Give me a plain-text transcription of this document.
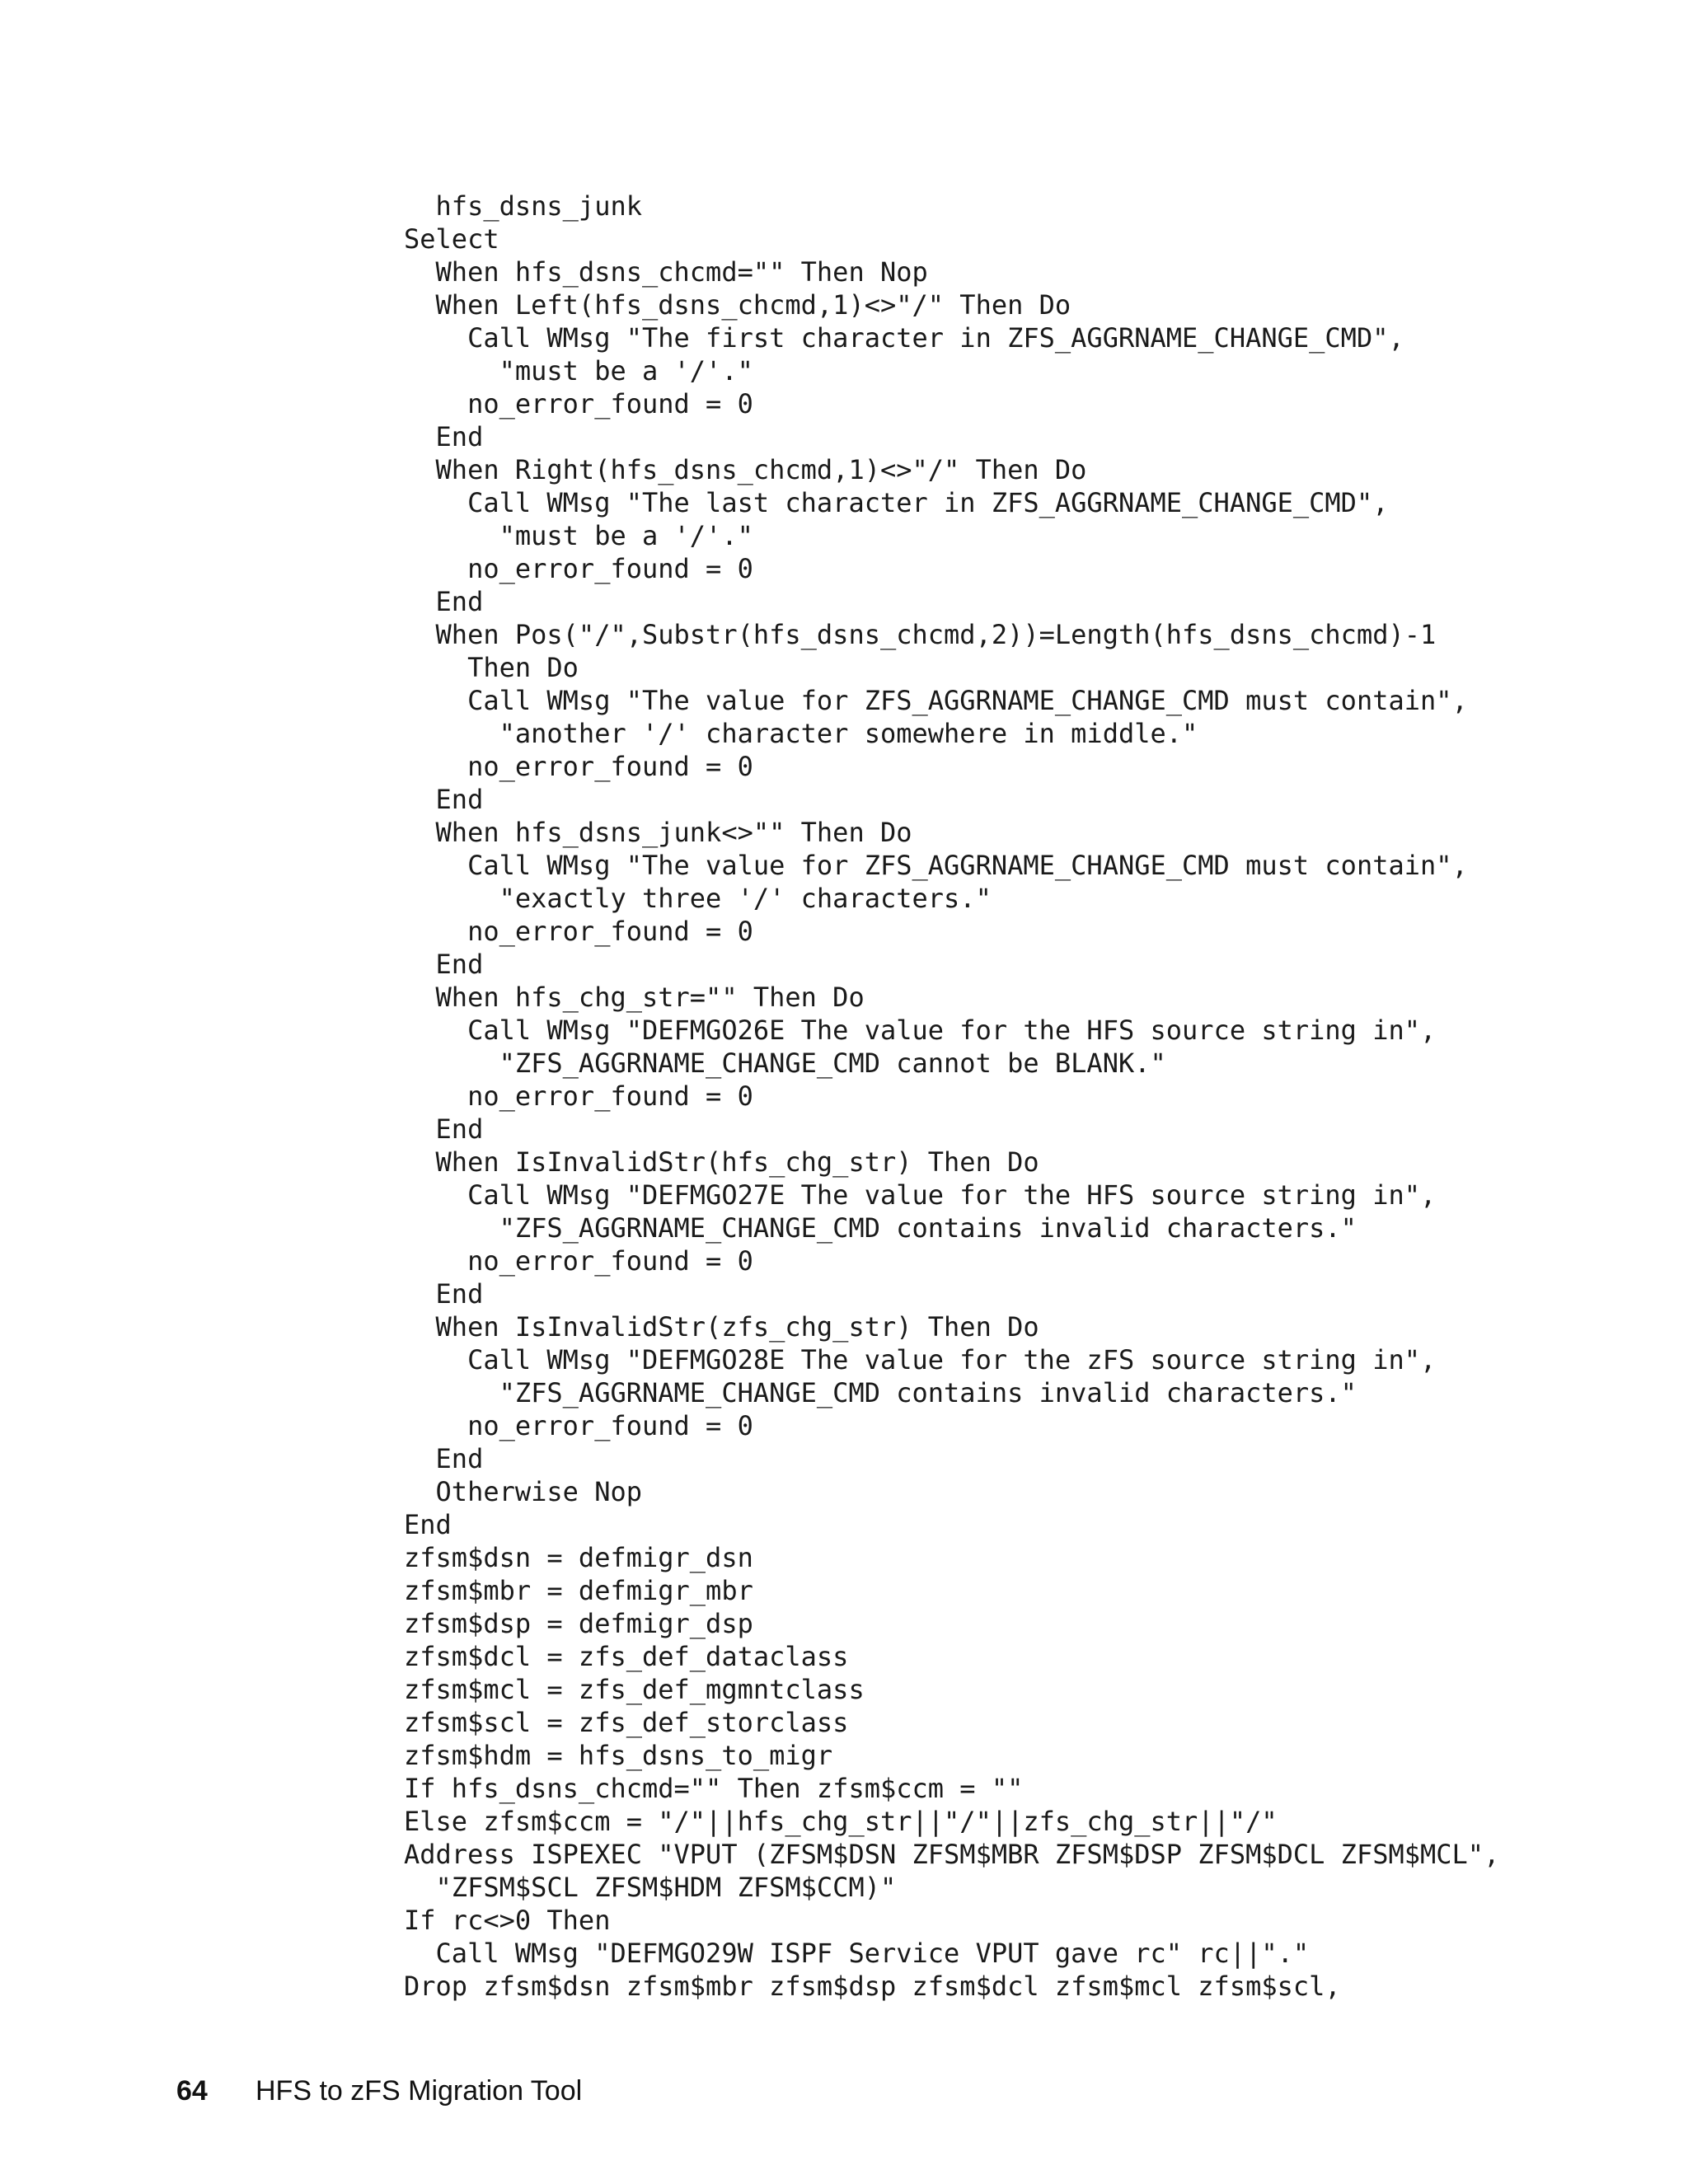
hfs_dsns_junk
Select
When hfs_dsns_chcmd="" Then Nop
When Left(hfs_dsns_chcmd,1)<>"/" Then Do
Call WMsg "The first character in ZFS_AGGRNAME_CHANGE_CMD",
"must be a '/'."
no_error_found = 0
End
When Right(hfs_dsns_chcmd,1)<>"/" Then Do
Call WMsg "The last character in ZFS_AGGRNAME_CHANGE_CMD",
"must be a '/'."
no_error_found = 0
End
When Pos("/",Substr(hfs_dsns_chcmd,2))=Length(hfs_dsns_chcmd)-1
Then Do
Call WMsg "The value for ZFS_AGGRNAME_CHANGE_CMD must contain",
"another '/' character somewhere in middle."
no_error_found = 0
End
When hfs_dsns_junk<>"" Then Do
Call WMsg "The value for ZFS_AGGRNAME_CHANGE_CMD must contain",
"exactly three '/' characters."
no_error_found = 0
End
When hfs_chg_str="" Then Do
Call WMsg "DEFMGO26E The value for the HFS source string in",
"ZFS_AGGRNAME_CHANGE_CMD cannot be BLANK."
no_error_found = 0
End
When IsInvalidStr(hfs_chg_str) Then Do
Call WMsg "DEFMGO27E The value for the HFS source string in",
"ZFS_AGGRNAME_CHANGE_CMD contains invalid characters."
no_error_found = 0
End
When IsInvalidStr(zfs_chg_str) Then Do
Call WMsg "DEFMGO28E The value for the zFS source string in",
"ZFS_AGGRNAME_CHANGE_CMD contains invalid characters."
no_error_found = 0
End
Otherwise Nop
End
zfsm$dsn = defmigr_dsn
zfsm$mbr = defmigr_mbr
zfsm$dsp = defmigr_dsp
zfsm$dcl = zfs_def_dataclass
zfsm$mcl = zfs_def_mgmntclass
zfsm$scl = zfs_def_storclass
zfsm$hdm = hfs_dsns_to_migr
If hfs_dsns_chcmd="" Then zfsm$ccm = ""
Else zfsm$ccm = "/"||hfs_chg_str||"/"||zfs_chg_str||"/"
Address ISPEXEC "VPUT (ZFSM$DSN ZFSM$MBR ZFSM$DSP ZFSM$DCL ZFSM$MCL",
"ZFSM$SCL ZFSM$HDM ZFSM$CCM)"
If rc<>0 Then
Call WMsg "DEFMGO29W ISPF Service VPUT gave rc" rc||"."
Drop zfsm$dsn zfsm$mbr zfsm$dsp zfsm$dcl zfsm$mcl zfsm$scl,
64 HFS to zFS Migration Tool
